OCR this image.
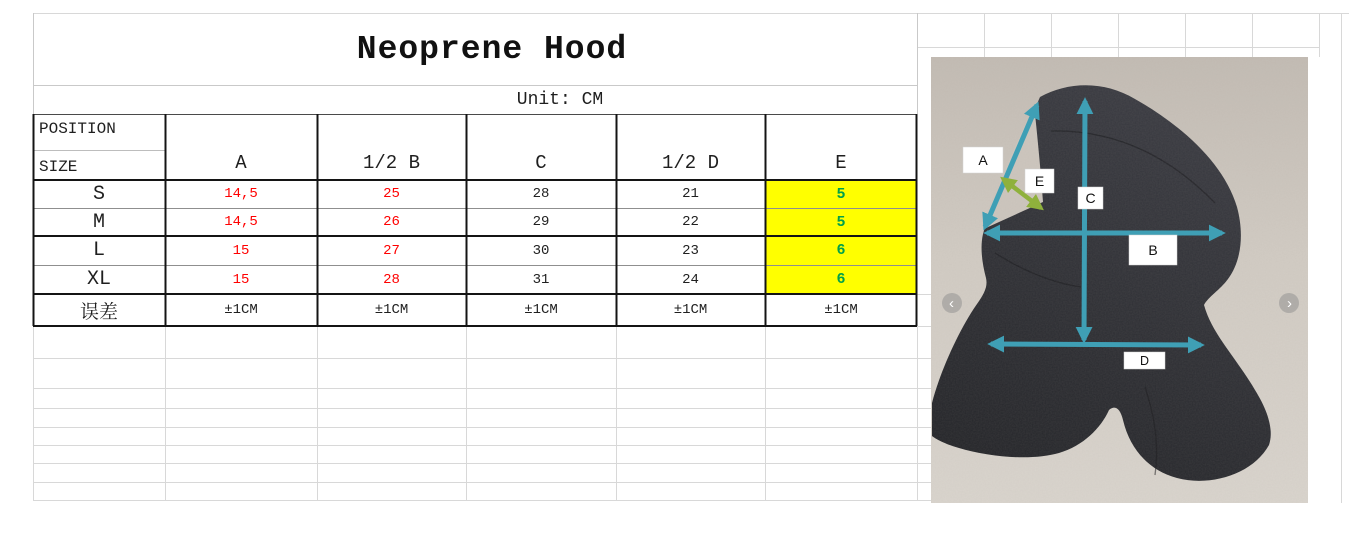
Neoprene Hood
Unit: CM
POSITION
SIZE	A	1/2 B	C	1/2 D	E
S	14,5	25	28	21	5
M	14,5	26	29	22	5
L	15	27	30	23	6
XL	15	28	31	24	6
误差	±1CM	±1CM	±1CM	±1CM	±1CM
A
E
C
B
D
‹	›
